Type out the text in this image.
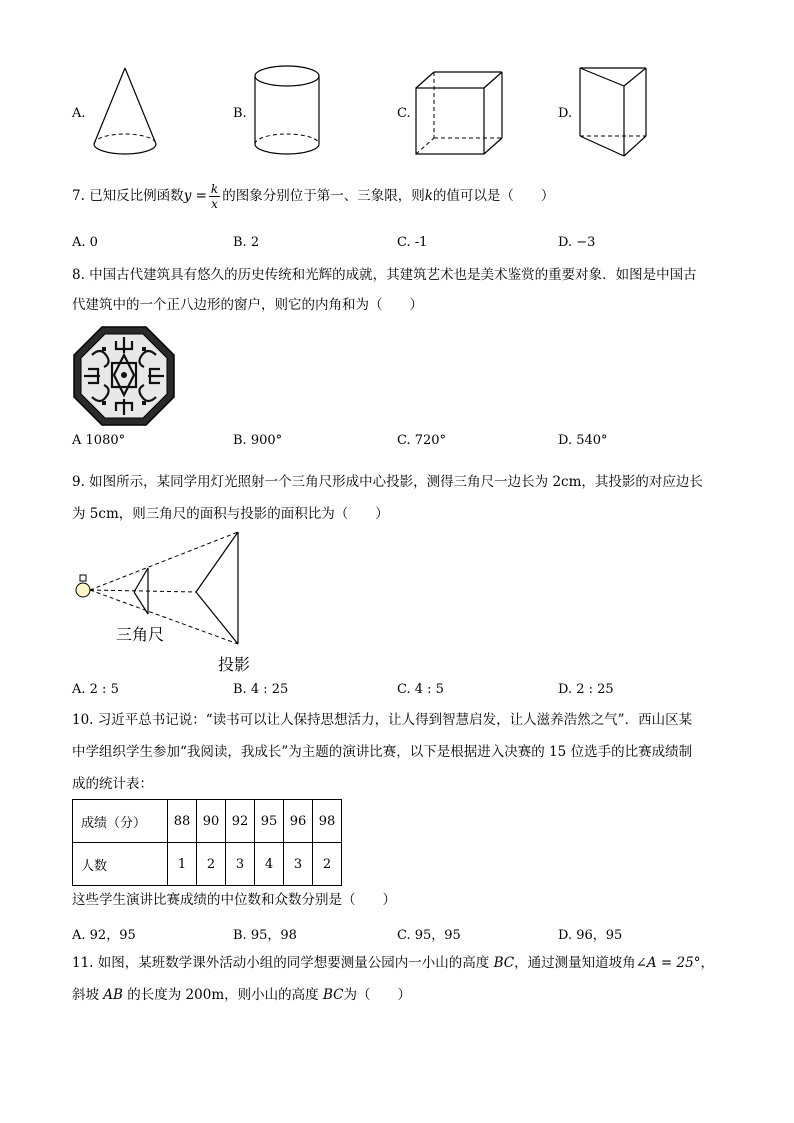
A.	B.	C.	D.
7. 已知反比例函数$y = \frac{k}{x}$ 的图象分别位于第一、三象限，则k的值可以是（　　）
A. 0	B. 2	C. -1	D. −3
8. 中国古代建筑具有悠久的历史传统和光辉的成就，其建筑艺术也是美术鉴赏的重要对象．如图是中国古
代建筑中的一个正八边形的窗户，则它的内角和为（　　）
A 1080°	B. 900°	C. 720°	D. 540°
9. 如图所示，某同学用灯光照射一个三角尺形成中心投影，测得三角尺一边长为 2cm，其投影的对应边长
为 5cm，则三角尺的面积与投影的面积比为（　　）
三角尺
投影
A. 2 : 5	B. 4 : 25	C. 4 : 5	D. 2 : 25
10. 习近平总书记说：“读书可以让人保持思想活力，让人得到智慧启发，让人滋养浩然之气”．西山区某
中学组织学生参加“我阅读，我成长”为主题的演讲比赛，以下是根据进入决赛的 15 位选手的比赛成绩制
成的统计表：
成绩（分）	88	90	92	95	96	98
人数	1	2	3	4	3	2
这些学生演讲比赛成绩的中位数和众数分别是（　　）
A. 92，95	B. 95，98	C. 95，95	D. 96，95
11. 如图，某班数学课外活动小组的同学想要测量公园内一小山的高度 BC，通过测量知道坡角∠A = 25°，
斜坡 AB 的长度为 200m，则小山的高度 BC为（　　）
